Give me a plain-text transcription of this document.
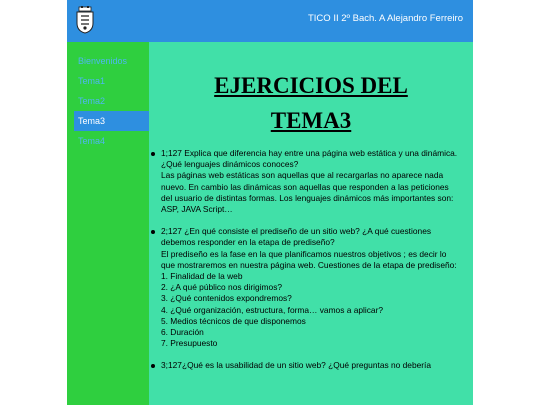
TICO II 2º Bach. A Alejandro Ferreiro
Bienvenidos
Tema1
Tema2
Tema3
Tema4
EJERCICIOS DEL
TEMA3
1;127 Explica que diferencia hay entre una página web estática y una dinámica.
¿Qué lenguajes dinámicos conoces?
Las páginas web estáticas son aquellas que al recargarlas no aparece nada
nuevo. En cambio las dinámicas son aquellas que responden a las peticiones
del usuario de distintas formas. Los lenguajes dinámicos más importantes son:
ASP, JAVA Script…
2;127 ¿En qué consiste el prediseño de un sitio web? ¿A qué cuestiones
debemos responder en la etapa de prediseño?
El prediseño es la fase en la que planificamos nuestros objetivos ; es decir lo
que mostraremos en nuestra página web. Cuestiones de la etapa de prediseño:
1. Finalidad de la web
2. ¿A qué público nos dirigimos?
3. ¿Qué contenidos expondremos?
4. ¿Qué organización, estructura, forma… vamos a aplicar?
5. Medios técnicos de que disponemos
6. Duración
7. Presupuesto
3;127¿Qué es la usabilidad de un sitio web? ¿Qué preguntas no debería
